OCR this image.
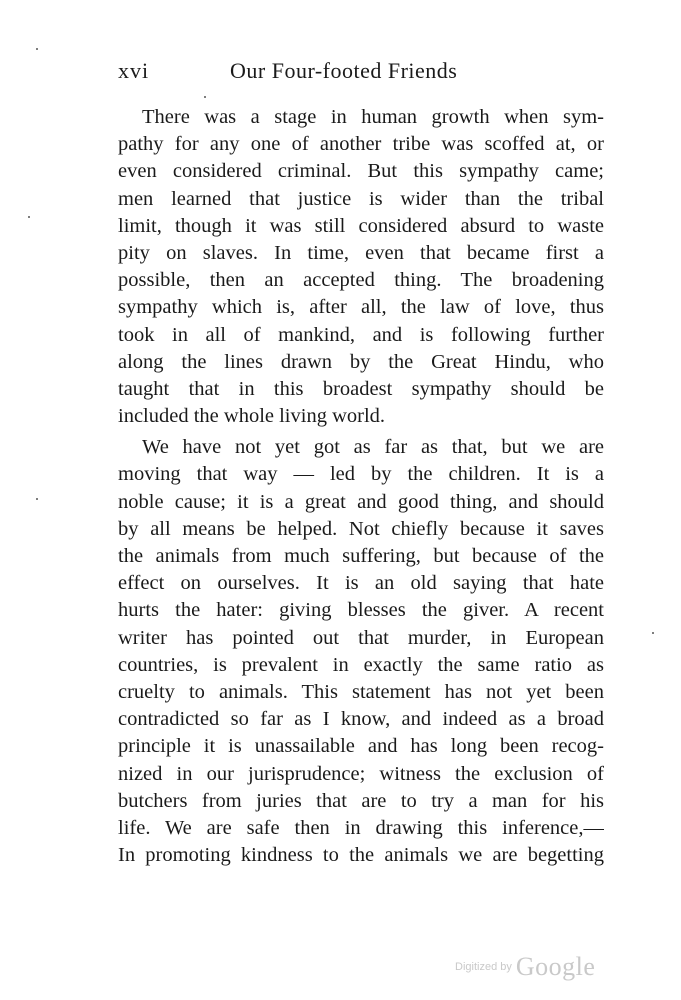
xvi	Our Four-footed Friends
There was a stage in human growth when sym-
pathy for any one of another tribe was scoffed at, or
even considered criminal. But this sympathy came;
men learned that justice is wider than the tribal
limit, though it was still considered absurd to waste
pity on slaves. In time, even that became first a
possible, then an accepted thing. The broadening
sympathy which is, after all, the law of love, thus
took in all of mankind, and is following further
along the lines drawn by the Great Hindu, who
taught that in this broadest sympathy should be
included the whole living world.
We have not yet got as far as that, but we are
moving that way — led by the children. It is a
noble cause; it is a great and good thing, and should
by all means be helped. Not chiefly because it saves
the animals from much suffering, but because of the
effect on ourselves. It is an old saying that hate
hurts the hater: giving blesses the giver. A recent
writer has pointed out that murder, in European
countries, is prevalent in exactly the same ratio as
cruelty to animals. This statement has not yet been
contradicted so far as I know, and indeed as a broad
principle it is unassailable and has long been recog-
nized in our jurisprudence; witness the exclusion of
butchers from juries that are to try a man for his
life. We are safe then in drawing this inference,—
In promoting kindness to the animals we are begetting
Digitized by Google
